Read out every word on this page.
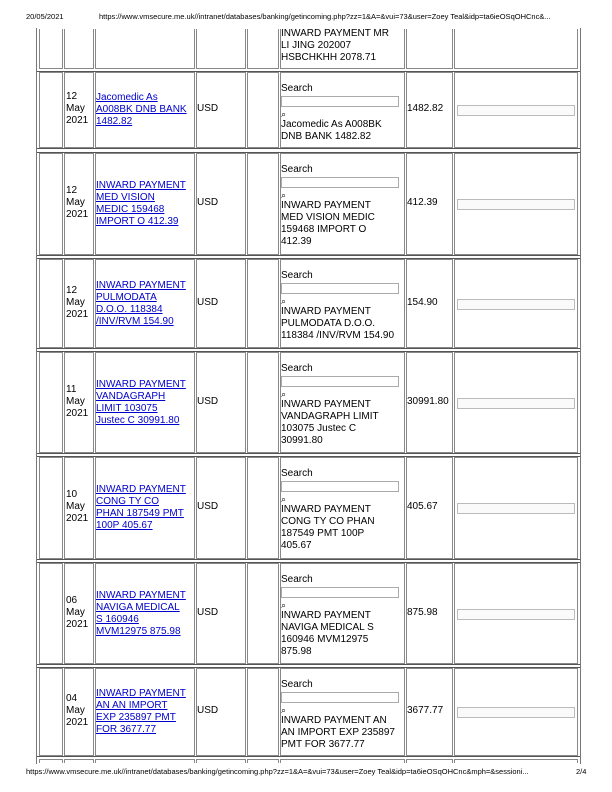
20/05/2021	https://www.vmsecure.me.uk//intranet/databases/banking/getincoming.php?zz=1&A=&vui=73&user=Zoey Teal&idp=ta6ieOSqOHCnc&...
INWARD PAYMENT MR
LI JING 202007
HSBCHKHH 2078.71
12
May
2021
Jacomedic As
A008BK DNB BANK
1482.82
USD
Search
⌕
Jacomedic As A008BK
DNB BANK 1482.82
1482.82
12
May
2021
INWARD PAYMENT
MED VISION
MEDIC 159468
IMPORT O 412.39
USD
Search
⌕
INWARD PAYMENT
MED VISION MEDIC
159468 IMPORT O
412.39
412.39
12
May
2021
INWARD PAYMENT
PULMODATA
D.O.O. 118384
/INV/RVM 154.90
USD
Search
⌕
INWARD PAYMENT
PULMODATA D.O.O.
118384 /INV/RVM 154.90
154.90
11
May
2021
INWARD PAYMENT
VANDAGRAPH
LIMIT 103075
Justec C 30991.80
USD
Search
⌕
INWARD PAYMENT
VANDAGRAPH LIMIT
103075 Justec C
30991.80
30991.80
10
May
2021
INWARD PAYMENT
CONG TY CO
PHAN 187549 PMT
100P 405.67
USD
Search
⌕
INWARD PAYMENT
CONG TY CO PHAN
187549 PMT 100P
405.67
405.67
06
May
2021
INWARD PAYMENT
NAVIGA MEDICAL
S 160946
MVM12975 875.98
USD
Search
⌕
INWARD PAYMENT
NAVIGA MEDICAL S
160946 MVM12975
875.98
875.98
04
May
2021
INWARD PAYMENT
AN AN IMPORT
EXP 235897 PMT
FOR 3677.77
USD
Search
⌕
INWARD PAYMENT AN
AN IMPORT EXP 235897
PMT FOR 3677.77
3677.77
https://www.vmsecure.me.uk//intranet/databases/banking/getincoming.php?zz=1&A=&vui=73&user=Zoey Teal&idp=ta6ieOSqOHCnc&mph=&sessioni...	2/4
